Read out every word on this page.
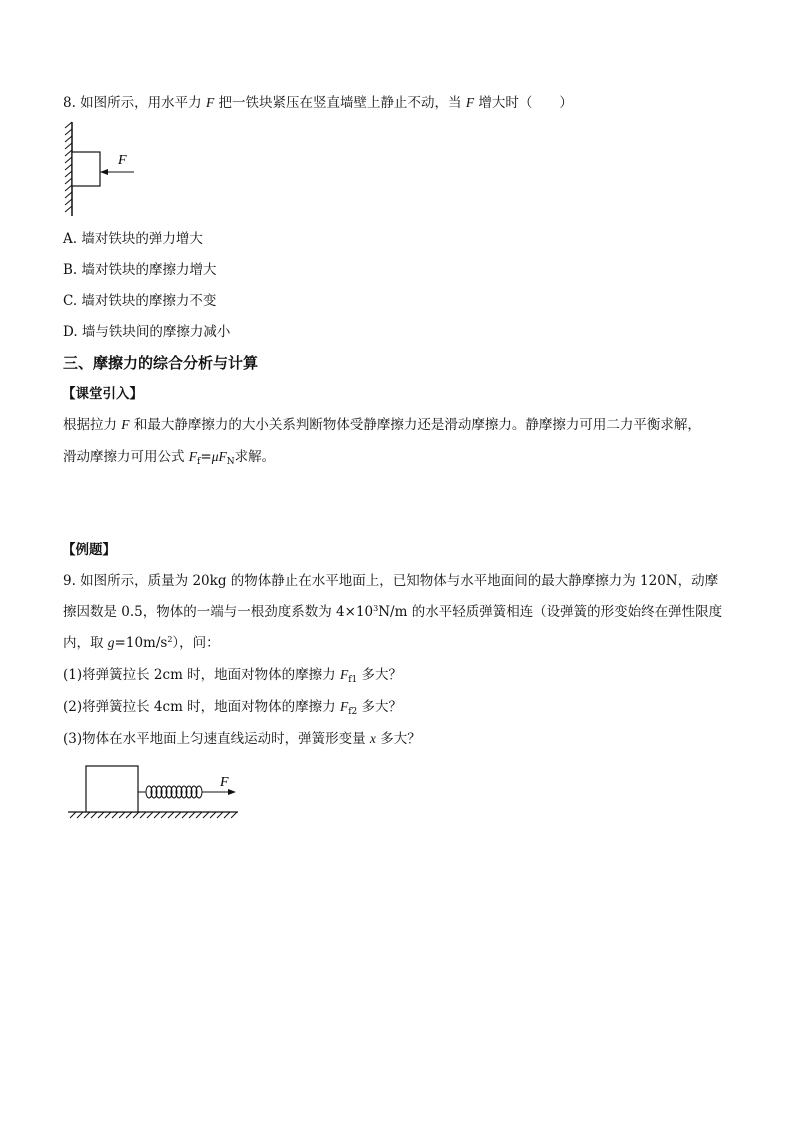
8. 如图所示，用水平力 F 把一铁块紧压在竖直墙壁上静止不动，当 F 增大时（　　）
F
A. 墙对铁块的弹力增大
B. 墙对铁块的摩擦力增大
C. 墙对铁块的摩擦力不变
D. 墙与铁块间的摩擦力减小
三、摩擦力的综合分析与计算
【课堂引入】
根据拉力 F 和最大静摩擦力的大小关系判断物体受静摩擦力还是滑动摩擦力。静摩擦力可用二力平衡求解，
滑动摩擦力可用公式 $F_f=\mu F_N$求解。
【例题】
9. 如图所示，质量为 20kg 的物体静止在水平地面上，已知物体与水平地面间的最大静摩擦力为 120N，动摩
擦因数是 0.5，物体的一端与一根劲度系数为 $4\times 10^3N/m$ 的水平轻质弹簧相连（设弹簧的形变始终在弹性限度
内，取 $g=10m/s^2$），问：
(1)将弹簧拉长 2cm 时，地面对物体的摩擦力 $F_{f1}$ 多大？
(2)将弹簧拉长 4cm 时，地面对物体的摩擦力 $F_{f2}$ 多大？
(3)物体在水平地面上匀速直线运动时，弹簧形变量 x 多大？
F
